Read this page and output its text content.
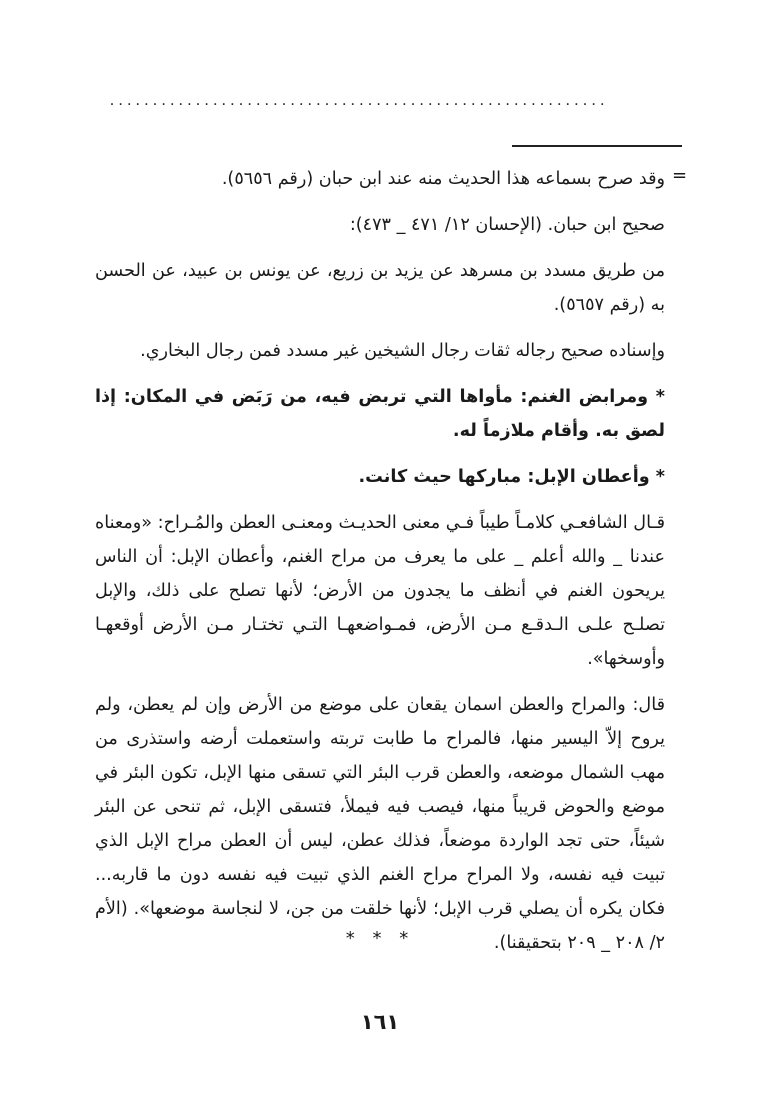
..........................................................
=

وقد صرح بسماعه هذا الحديث منه عند ابن حبان (رقم ٥٦٥٦).

صحيح ابن حبان. (الإحسان ١٢/ ٤٧١ _ ٤٧٣):

من طريق مسدد بن مسرهد عن يزيد بن زريع، عن يونس بن عبيد، عن الحسن به (رقم ٥٦٥٧).

وإسناده صحيح رجاله ثقات رجال الشيخين غير مسدد فمن رجال البخاري.

* ومرابض الغنم: مأواها التي تربض فيه، من رَبَض في المكان: إذا لصق به. وأقام ملازماً له.

* وأعطان الإبل: مباركها حيث كانت.

قـال الشافعـي كلامـاً طيباً فـي معنى الحديـث ومعنـى العطن والمُـراح: «ومعناه عندنا _ والله أعلم _ على ما يعرف من مراح الغنم، وأعطان الإبل: أن الناس يريحون الغنم في أنظف ما يجدون من الأرض؛ لأنها تصلح على ذلك، والإبل تصلـح علـى الـدقـع مـن الأرض، فمـواضعهـا التـي تختـار مـن الأرض أوقعهـا وأوسخها».

قال: والمراح والعطن اسمان يقعان على موضع من الأرض وإن لم يعطن، ولم يروح إلاّ اليسير منها، فالمراح ما طابت تربته واستعملت أرضه واستذرى من مهب الشمال موضعه، والعطن قرب البئر التي تسقى منها الإبل، تكون البئر في موضع والحوض قريباً منها، فيصب فيه فيملأ، فتسقى الإبل، ثم تنحى عن البئر شيئاً، حتى تجد الواردة موضعاً، فذلك عطن، ليس أن العطن مراح الإبل الذي تبيت فيه نفسه، ولا المراح مراح الغنم الذي تبيت فيه نفسه دون ما قاربه... فكان يكره أن يصلي قرب الإبل؛ لأنها خلقت من جن، لا لنجاسة موضعها». (الأم ٢/ ٢٠٨ _ ٢٠٩ بتحقيقنا).

* * *
١٦١
